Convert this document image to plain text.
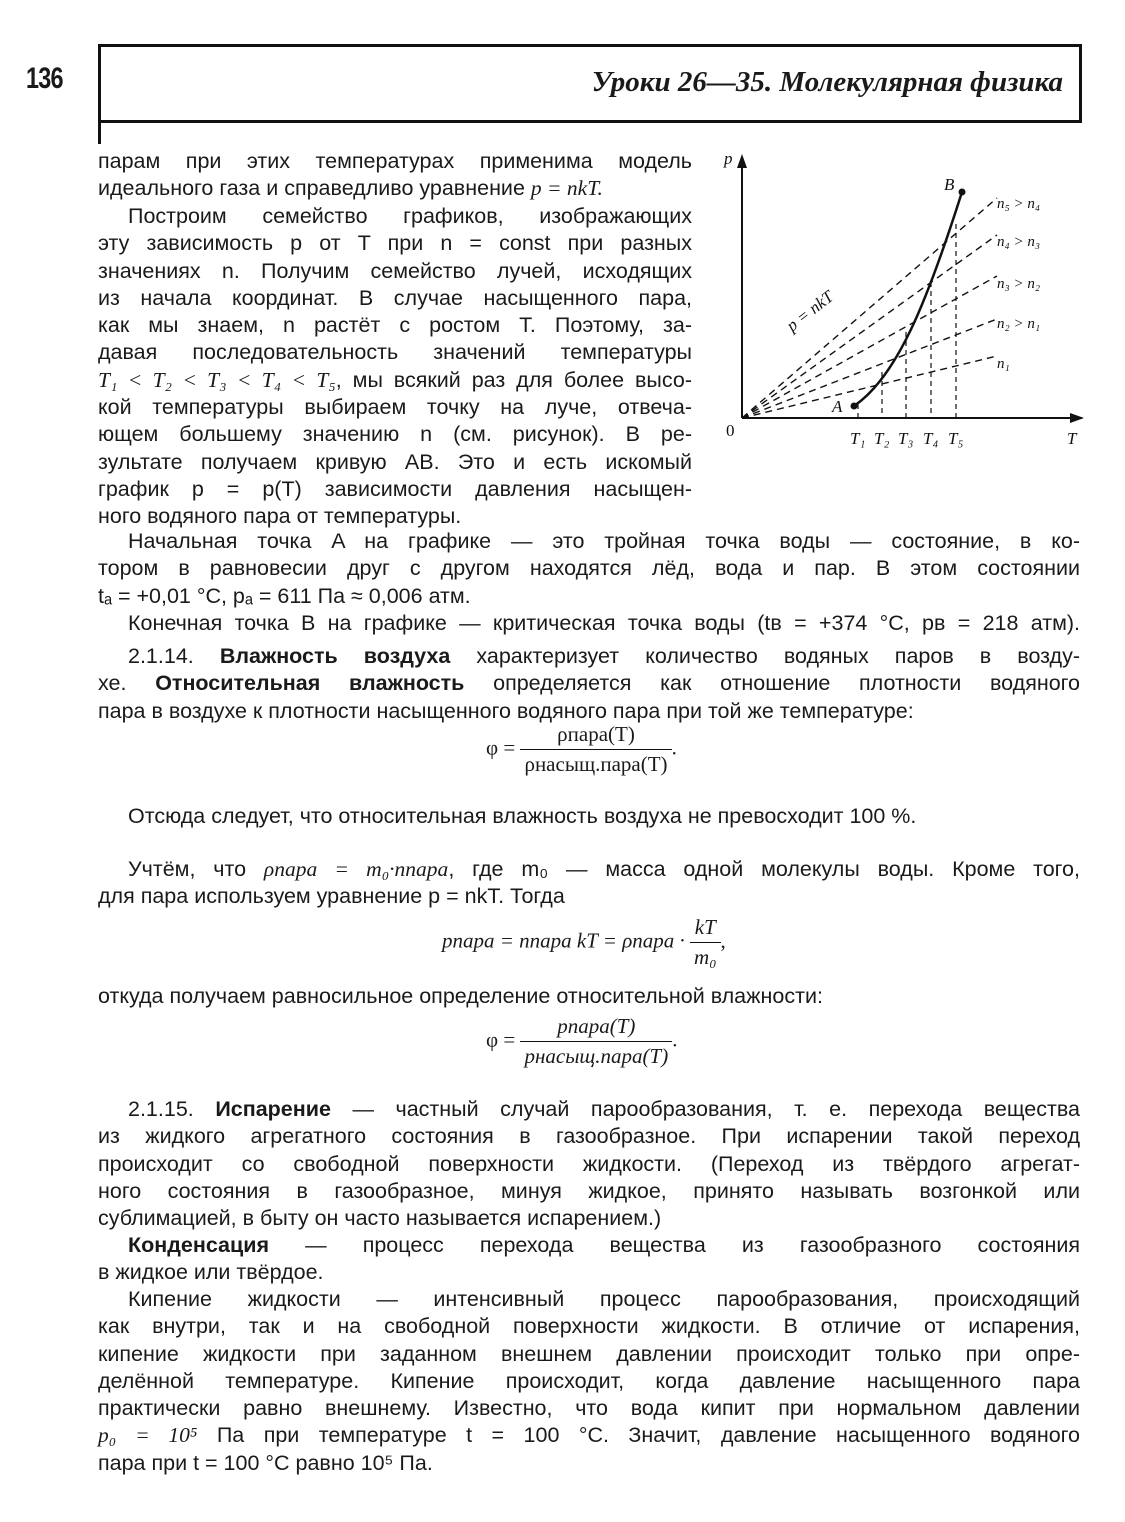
136	Уроки 26—35. Молекулярная физика
парам при этих температурах применима модель
идеального газа и справедливо уравнение p = nkT.
Построим семейство графиков, изображающих
эту зависимость p от T при n = const при разных
значениях n. Получим семейство лучей, исходящих
из начала координат. В случае насыщенного пара,
как мы знаем, n растёт с ростом T. Поэтому, за-
давая последовательность значений температуры
T₁ < T₂ < T₃ < T₄ < T₅, мы всякий раз для более высо-
кой температуры выбираем точку на луче, отвеча-
ющем большему значению n (см. рисунок). В ре-
зультате получаем кривую AB. Это и есть искомый
график p = p(T) зависимости давления насыщен-
ного водяного пара от температуры.
p
T
0
A
B
p = nkT
n₁
n₂ > n₁
n₃ > n₂
n₄ > n₃
n₅ > n₄
T₁ T₂ T₃ T₄ T₅
Начальная точка A на графике — это тройная точка воды — состояние, в ко-
тором в равновесии друг с другом находятся лёд, вода и пар. В этом состоянии
tₐ = +0,01 °C, pₐ = 611 Па ≈ 0,006 атм.
Конечная точка B на графике — критическая точка воды (tв = +374 °C, pв = 218 атм).
2.1.14. Влажность воздуха характеризует количество водяных паров в возду-
хе. Относительная влажность определяется как отношение плотности водяного
пара в воздухе к плотности насыщенного водяного пара при той же температуре:
$\varphi = \frac{\text{ρпара(T)}}{\text{ρнасыщ.пара(T)}}$ .
Отсюда следует, что относительная влажность воздуха не превосходит 100 %.
Учтём, что ρпара = m₀·nпара, где m₀ — масса одной молекулы воды. Кроме того,
для пара используем уравнение p = nkT. Тогда
pпара = nпара kT = ρпара · $\frac{kT}{\text{m₀}}$ ,
откуда получаем равносильное определение относительной влажности:
$\varphi = \frac{\text{pпара(T)}}{\text{pнасыщ.пара(T)}}$ .
2.1.15. Испарение — частный случай парообразования, т. е. перехода вещества
из жидкого агрегатного состояния в газообразное. При испарении такой переход
происходит со свободной поверхности жидкости. (Переход из твёрдого агрегат-
ного состояния в газообразное, минуя жидкое, принято называть возгонкой или
сублимацией, в быту он часто называется испарением.)
Конденсация — процесс перехода вещества из газообразного состояния
в жидкое или твёрдое.
Кипение жидкости — интенсивный процесс парообразования, происходящий
как внутри, так и на свободной поверхности жидкости. В отличие от испарения,
кипение жидкости при заданном внешнем давлении происходит только при опре-
делённой температуре. Кипение происходит, когда давление насыщенного пара
практически равно внешнему. Известно, что вода кипит при нормальном давлении
p₀ = 10⁵ Па при температуре t = 100 °C. Значит, давление насыщенного водяного
пара при t = 100 °C равно 10⁵ Па.
